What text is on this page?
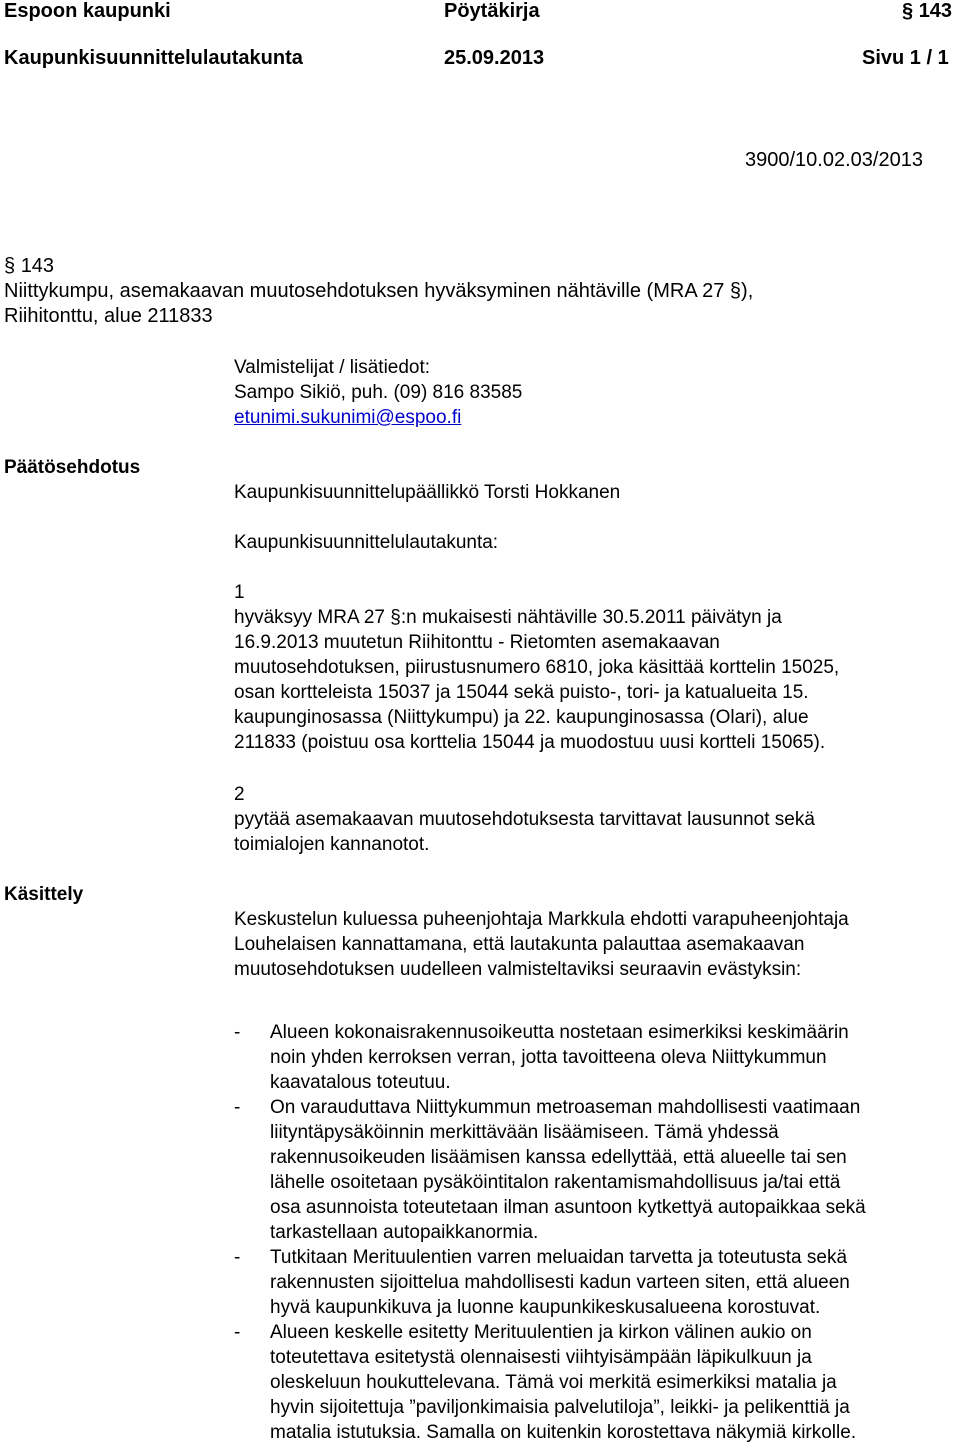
Espoon kaupunki	Pöytäkirja	§ 143
Kaupunkisuunnittelulautakunta	25.09.2013	Sivu 1 / 1
3900/10.02.03/2013
§ 143
Niittykumpu, asemakaavan muutosehdotuksen hyväksyminen nähtäville (MRA 27 §),
Riihitonttu, alue 211833
Valmistelijat / lisätiedot:
Sampo Sikiö, puh. (09) 816 83585
etunimi.sukunimi@espoo.fi
Päätösehdotus
Kaupunkisuunnittelupäällikkö Torsti Hokkanen
Kaupunkisuunnittelulautakunta:
1
hyväksyy MRA 27 §:n mukaisesti nähtäville 30.5.2011 päivätyn ja
16.9.2013 muutetun Riihitonttu - Rietomten asemakaavan
muutosehdotuksen, piirustusnumero 6810, joka käsittää korttelin 15025,
osan kortteleista 15037 ja 15044 sekä puisto-, tori- ja katualueita 15.
kaupunginosassa (Niittykumpu) ja 22. kaupunginosassa (Olari), alue
211833 (poistuu osa korttelia 15044 ja muodostuu uusi kortteli 15065).
2
pyytää asemakaavan muutosehdotuksesta tarvittavat lausunnot sekä
toimialojen kannanotot.
Käsittely
Keskustelun kuluessa puheenjohtaja Markkula ehdotti varapuheenjohtaja
Louhelaisen kannattamana, että lautakunta palauttaa asemakaavan
muutosehdotuksen uudelleen valmisteltaviksi seuraavin evästyksin:
- Alueen kokonaisrakennusoikeutta nostetaan esimerkiksi keskimäärin
noin yhden kerroksen verran, jotta tavoitteena oleva Niittykummun
kaavatalous toteutuu.
- On varauduttava Niittykummun metroaseman mahdollisesti vaatimaan
liityntäpysäköinnin merkittävään lisäämiseen. Tämä yhdessä
rakennusoikeuden lisäämisen kanssa edellyttää, että alueelle tai sen
lähelle osoitetaan pysäköintitalon rakentamismahdollisuus ja/tai että
osa asunnoista toteutetaan ilman asuntoon kytkettyä autopaikkaa sekä
tarkastellaan autopaikkanormia.
- Tutkitaan Merituulentien varren meluaidan tarvetta ja toteutusta sekä
rakennusten sijoittelua mahdollisesti kadun varteen siten, että alueen
hyvä kaupunkikuva ja luonne kaupunkikeskusalueena korostuvat.
- Alueen keskelle esitetty Merituulentien ja kirkon välinen aukio on
toteutettava esitetystä olennaisesti viihtyisämpään läpikulkuun ja
oleskeluun houkuttelevana. Tämä voi merkitä esimerkiksi matalia ja
hyvin sijoitettuja ”paviljonkimaisia palvelutiloja”, leikki- ja pelikenttiä ja
matalia istutuksia. Samalla on kuitenkin korostettava näkymiä kirkolle.
